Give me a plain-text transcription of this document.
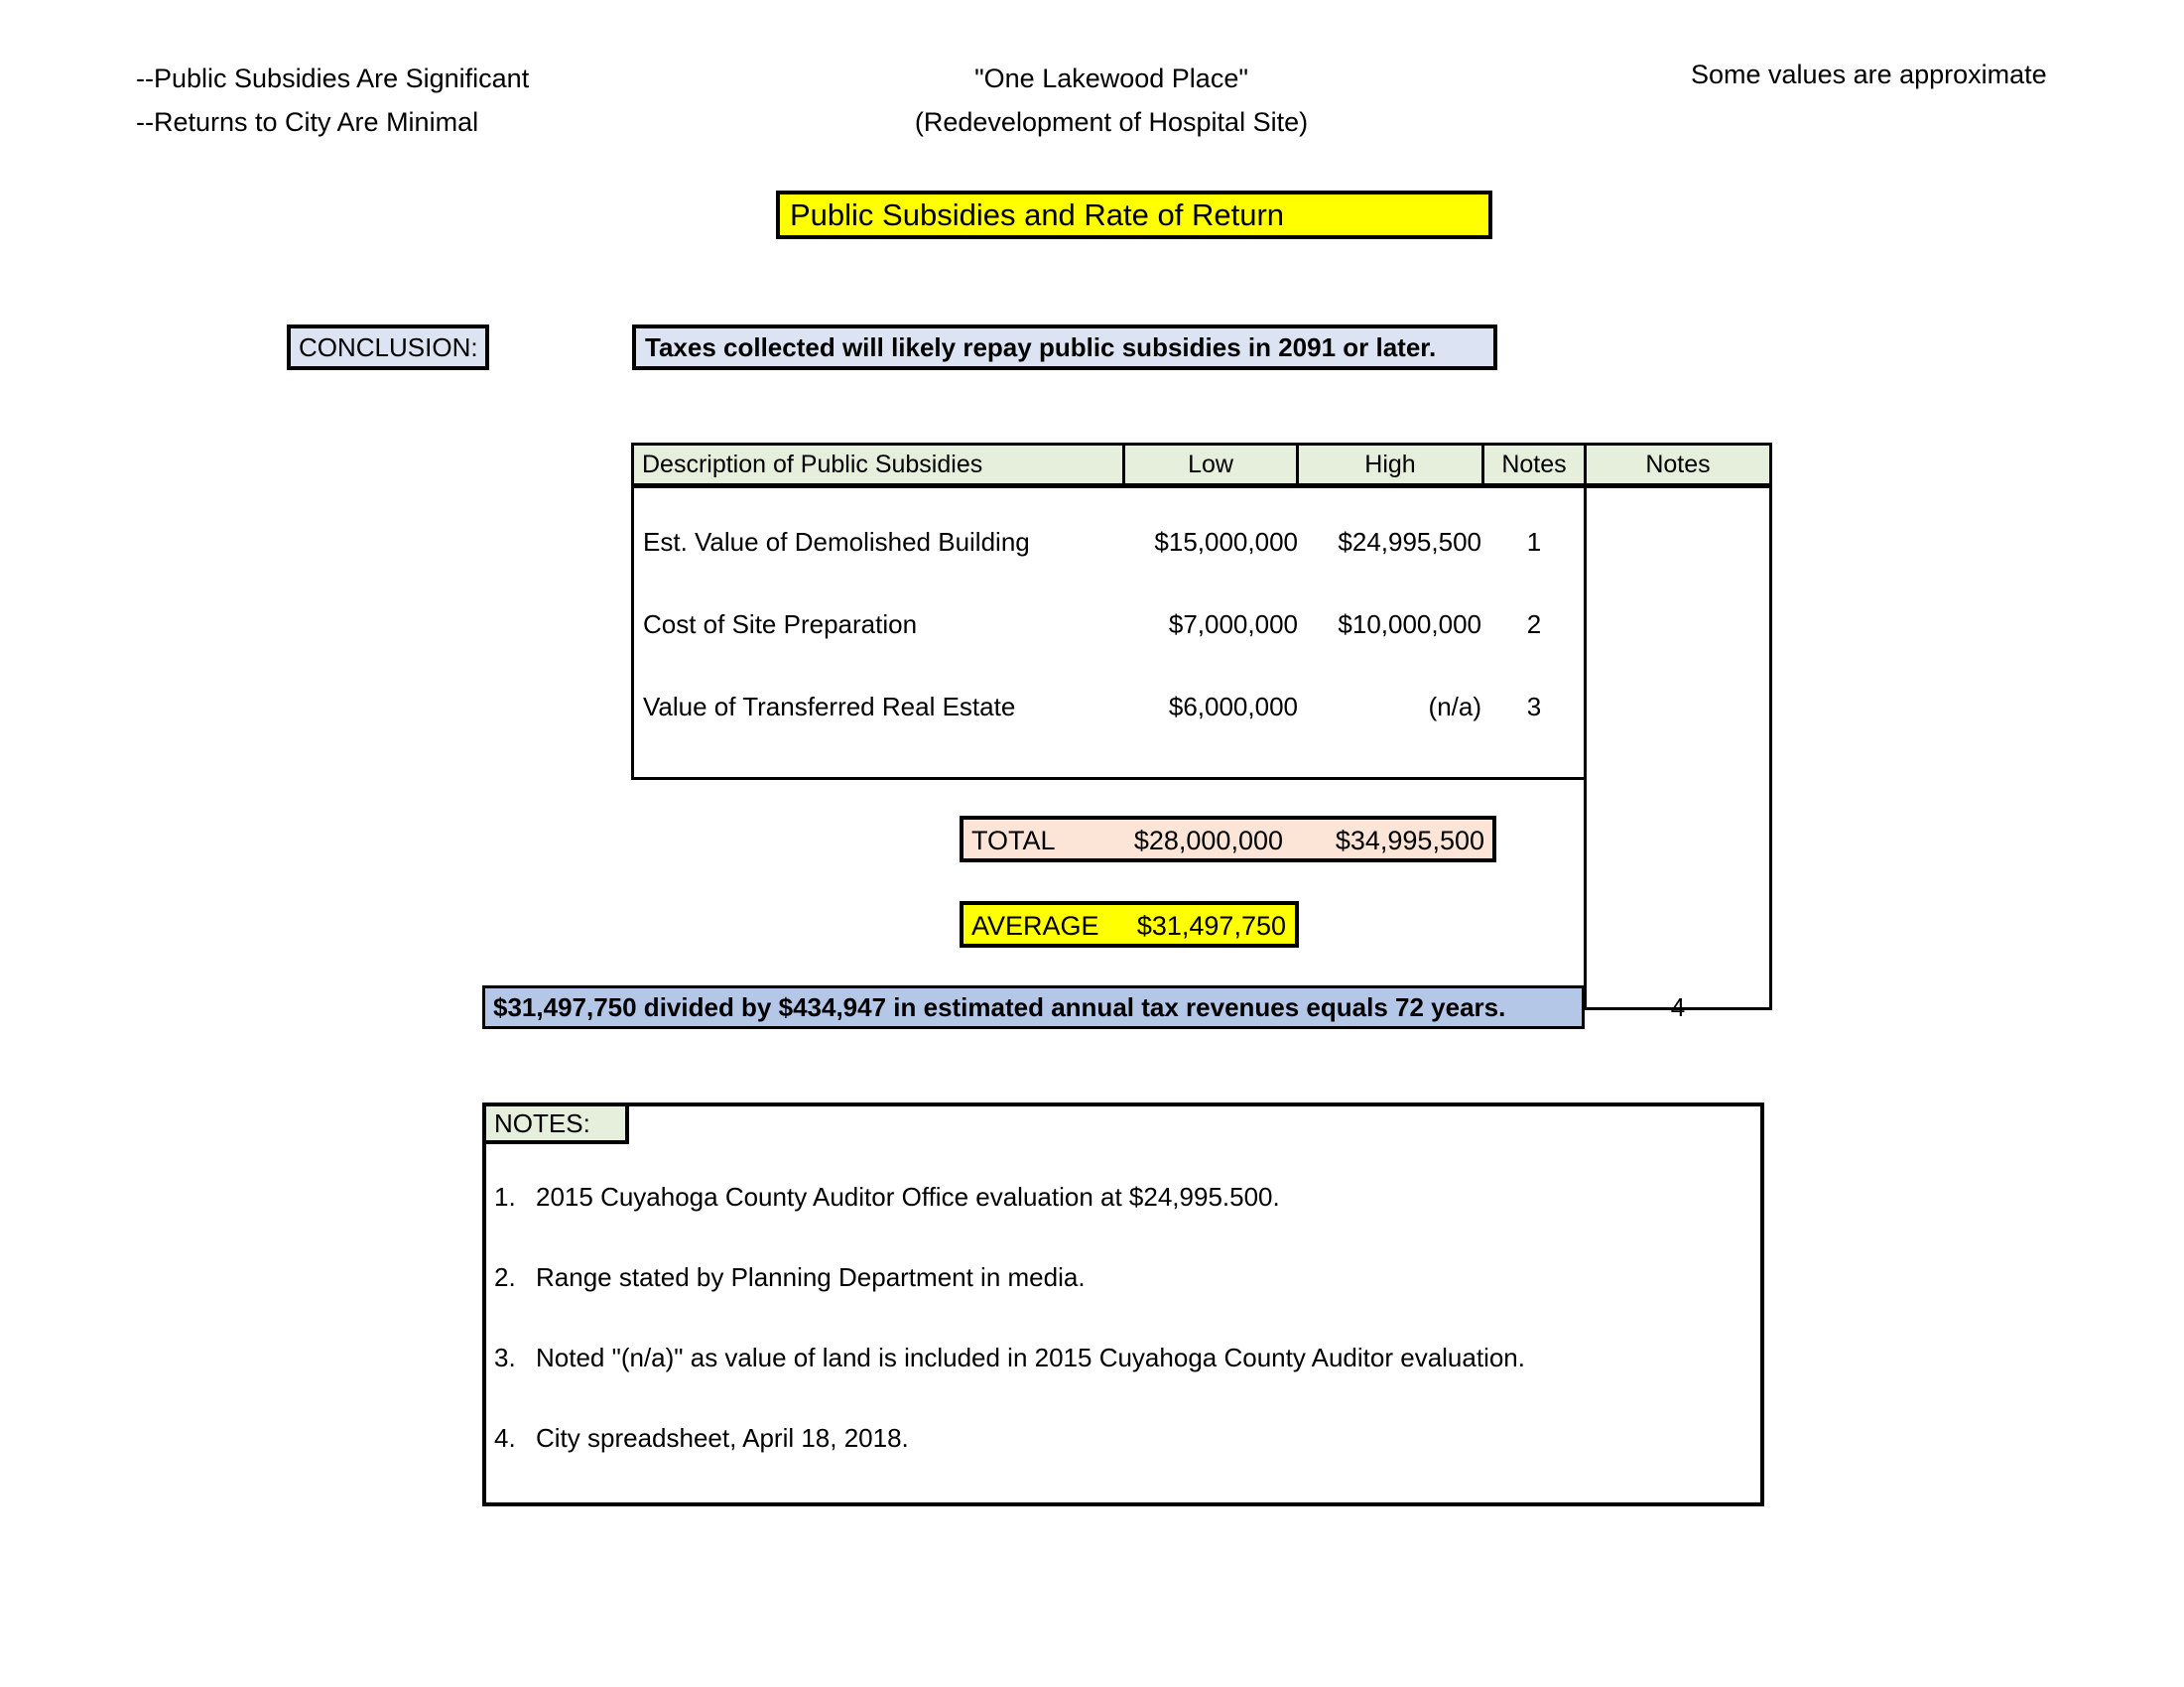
--Public Subsidies Are Significant
--Returns to City Are Minimal
"One Lakewood Place"
(Redevelopment of Hospital Site)
Some values are approximate
Public Subsidies and Rate of Return
CONCLUSION:	Taxes collected will likely repay public subsidies in 2091 or later.
Description of Public Subsidies	Low	High	Notes	Notes
Est. Value of Demolished Building	$15,000,000	$24,995,500	1
Cost of Site Preparation	$7,000,000	$10,000,000	2
Value of Transferred Real Estate	$6,000,000	(n/a)	3
TOTAL	$28,000,000	$34,995,500
AVERAGE	$31,497,750
$31,497,750 divided by $434,947 in estimated annual tax revenues equals 72 years.	4
NOTES:
1. 2015 Cuyahoga County Auditor Office evaluation at $24,995.500.
2. Range stated by Planning Department in media.
3. Noted "(n/a)" as value of land is included in 2015 Cuyahoga County Auditor evaluation.
4. City spreadsheet, April 18, 2018.
